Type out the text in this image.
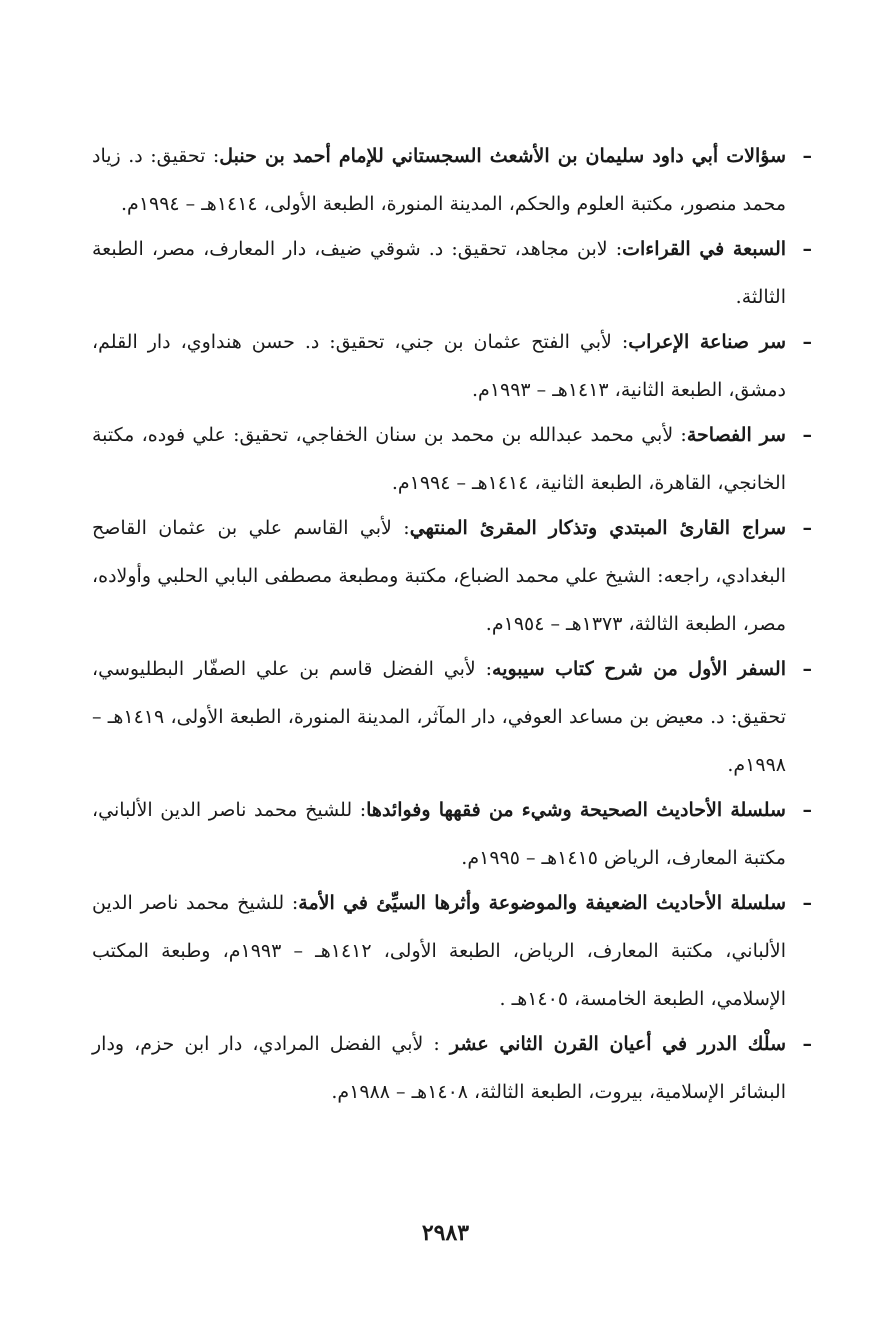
–
سؤالات أبي داود سليمان بن الأشعث السجستاني للإمام أحمد بن حنبل: تحقيق: د. زياد محمد منصور، مكتبة العلوم والحكم، المدينة المنورة، الطبعة الأولى، ١٤١٤هـ – ١٩٩٤م.

–
السبعة في القراءات: لابن مجاهد، تحقيق: د. شوقي ضيف، دار المعارف، مصر، الطبعة الثالثة.

–
سر صناعة الإعراب: لأبي الفتح عثمان بن جني، تحقيق: د. حسن هنداوي، دار القلم، دمشق، الطبعة الثانية، ١٤١٣هـ – ١٩٩٣م.

–
سر الفصاحة: لأبي محمد عبدالله بن محمد بن سنان الخفاجي، تحقيق: علي فوده، مكتبة الخانجي، القاهرة، الطبعة الثانية، ١٤١٤هـ – ١٩٩٤م.

–
سراج القارئ المبتدي وتذكار المقرئ المنتهي: لأبي القاسم علي بن عثمان القاصح البغدادي، راجعه: الشيخ علي محمد الضباع، مكتبة ومطبعة مصطفى البابي الحلبي وأولاده، مصر، الطبعة الثالثة، ١٣٧٣هـ – ١٩٥٤م.

–
السفر الأول من شرح كتاب سيبويه: لأبي الفضل قاسم بن علي الصفّار البطليوسي، تحقيق: د. معيض بن مساعد العوفي، دار المآثر، المدينة المنورة، الطبعة الأولى، ١٤١٩هـ – ١٩٩٨م.

–
سلسلة الأحاديث الصحيحة وشيء من فقهها وفوائدها: للشيخ محمد ناصر الدين الألباني، مكتبة المعارف، الرياض ١٤١٥هـ – ١٩٩٥م.

–
سلسلة الأحاديث الضعيفة والموضوعة وأثرها السيِّئ في الأمة: للشيخ محمد ناصر الدين الألباني، مكتبة المعارف، الرياض، الطبعة الأولى، ١٤١٢هـ – ١٩٩٣م، وطبعة المكتب الإسلامي، الطبعة الخامسة، ١٤٠٥هـ .

–
سلْك الدرر في أعيان القرن الثاني عشر : لأبي الفضل المرادي، دار ابن حزم، ودار البشائر الإسلامية، بيروت، الطبعة الثالثة، ١٤٠٨هـ – ١٩٨٨م.

٢٩٨٣
